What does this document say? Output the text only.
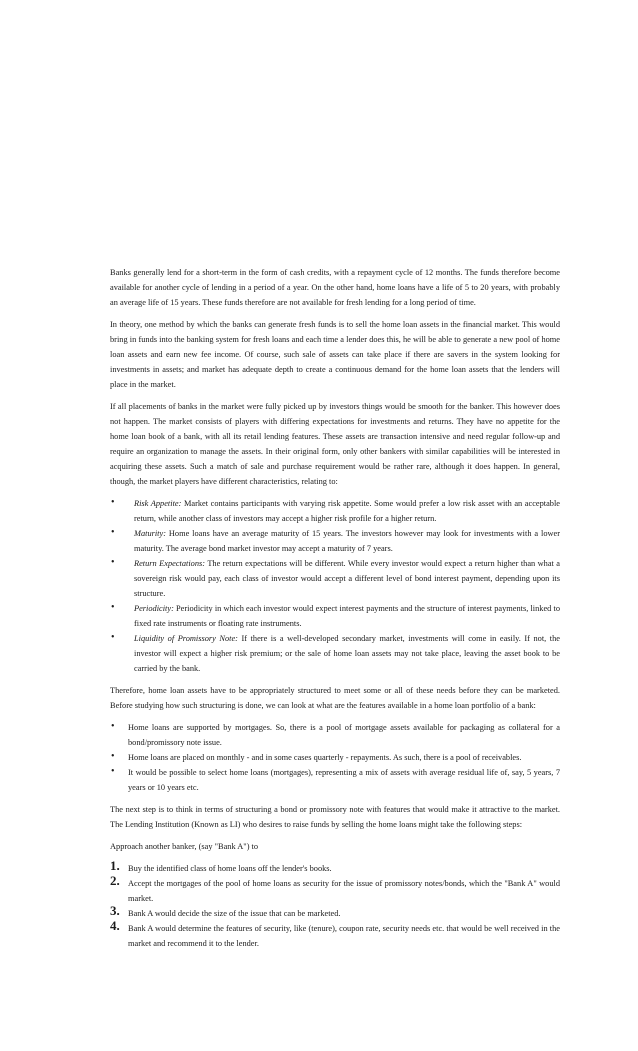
Banks generally lend for a short-term in the form of cash credits, with a repayment cycle of 12 months. The funds therefore become available for another cycle of lending in a period of a year. On the other hand, home loans have a life of 5 to 20 years, with probably an average life of 15 years. These funds therefore are not available for fresh lending for a long period of time.

In theory, one method by which the banks can generate fresh funds is to sell the home loan assets in the financial market. This would bring in funds into the banking system for fresh loans and each time a lender does this, he will be able to generate a new pool of home loan assets and earn new fee income. Of course, such sale of assets can take place if there are savers in the system looking for investments in assets; and market has adequate depth to create a continuous demand for the home loan assets that the lenders will place in the market.

If all placements of banks in the market were fully picked up by investors things would be smooth for the banker. This however does not happen. The market consists of players with differing expectations for investments and returns. They have no appetite for the home loan book of a bank, with all its retail lending features. These assets are transaction intensive and need regular follow-up and require an organization to manage the assets. In their original form, only other bankers with similar capabilities will be interested in acquiring these assets. Such a match of sale and purchase requirement would be rather rare, although it does happen. In general, though, the market players have different characteristics, relating to:

• Risk Appetite: Market contains participants with varying risk appetite. Some would prefer a low risk asset with an acceptable return, while another class of investors may accept a higher risk profile for a higher return.
• Maturity: Home loans have an average maturity of 15 years. The investors however may look for investments with a lower maturity. The average bond market investor may accept a maturity of 7 years.
• Return Expectations: The return expectations will be different. While every investor would expect a return higher than what a sovereign risk would pay, each class of investor would accept a different level of bond interest payment, depending upon its structure.
• Periodicity: Periodicity in which each investor would expect interest payments and the structure of interest payments, linked to fixed rate instruments or floating rate instruments.
• Liquidity of Promissory Note: If there is a well-developed secondary market, investments will come in easily. If not, the investor will expect a higher risk premium; or the sale of home loan assets may not take place, leaving the asset book to be carried by the bank.

Therefore, home loan assets have to be appropriately structured to meet some or all of these needs before they can be marketed. Before studying how such structuring is done, we can look at what are the features available in a home loan portfolio of a bank:

• Home loans are supported by mortgages. So, there is a pool of mortgage assets available for packaging as collateral for a bond/promissory note issue.
• Home loans are placed on monthly - and in some cases quarterly - repayments. As such, there is a pool of receivables.
• It would be possible to select home loans (mortgages), representing a mix of assets with average residual life of, say, 5 years, 7 years or 10 years etc.

The next step is to think in terms of structuring a bond or promissory note with features that would make it attractive to the market. The Lending Institution (Known as LI) who desires to raise funds by selling the home loans might take the following steps:

Approach another banker, (say "Bank A") to

1. Buy the identified class of home loans off the lender's books.
2. Accept the mortgages of the pool of home loans as security for the issue of promissory notes/bonds, which the "Bank A" would market.
3. Bank A would decide the size of the issue that can be marketed.
4. Bank A would determine the features of security, like (tenure), coupon rate, security needs etc. that would be well received in the market and recommend it to the lender.
